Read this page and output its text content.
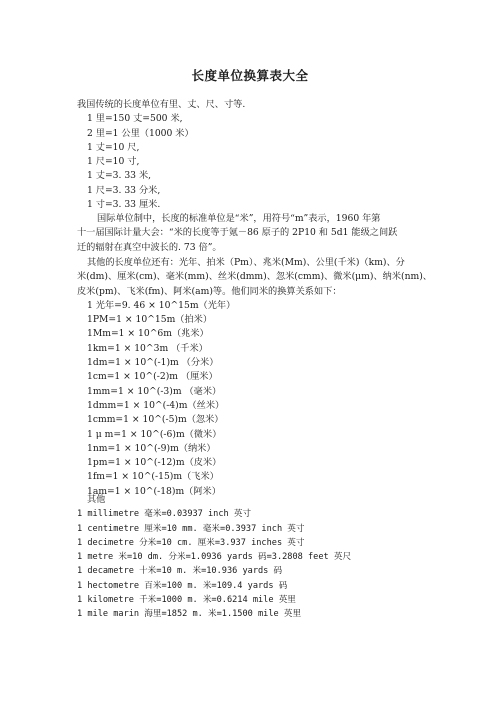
长度单位换算表大全
我国传统的长度单位有里、丈、尺、寸等.
1 里=150 丈=500 米,
2 里=1 公里（1000 米）
1 丈=10 尺,
1 尺=10 寸,
1 丈=3. 33 米,
1 尺=3. 33 分米,
1 寸=3. 33 厘米.
国际单位制中，长度的标准单位是“米”，用符号“m”表示，1960 年第
十一届国际计量大会：“米的长度等于氪－86 原子的 2P10 和 5d1 能级之间跃
迁的辐射在真空中波长的. 73 倍”。
其他的长度单位还有：光年、拍米（Pm）、兆米(Mm)、公里(千米)（km)、分
米(dm)、厘米(cm)、毫米(mm)、丝米(dmm)、忽米(cmm)、微米(μm)、纳米(nm)、
皮米(pm)、飞米(fm)、阿米(am)等。他们同米的换算关系如下：
1 光年=9. 46 × 10^15m（光年）
1PM=1 × 10^15m（拍米）
1Mm=1 × 10^6m（兆米）
1km=1 × 10^3m （千米）
1dm=1 × 10^(-1)m （分米）
1cm=1 × 10^(-2)m （厘米）
1mm=1 × 10^(-3)m （毫米）
1dmm=1 × 10^(-4)m（丝米）
1cmm=1 × 10^(-5)m（忽米）
1 μ m=1 × 10^(-6)m（微米）
1nm=1 × 10^(-9)m（纳米）
1pm=1 × 10^(-12)m（皮米）
1fm=1 × 10^(-15)m（飞米）
1am=1 × 10^(-18)m（阿米）
其他
1 millimetre 毫米=0.03937 inch 英寸
1 centimetre 厘米=10 mm. 毫米=0.3937 inch 英寸
1 decimetre 分米=10 cm. 厘米=3.937 inches 英寸
1 metre 米=10 dm. 分米=1.0936 yards 码=3.2808 feet 英尺
1 decametre 十米=10 m. 米=10.936 yards 码
1 hectometre 百米=100 m. 米=109.4 yards 码
1 kilometre 千米=1000 m. 米=0.6214 mile 英里
1 mile marin 海里=1852 m. 米=1.1500 mile 英里
